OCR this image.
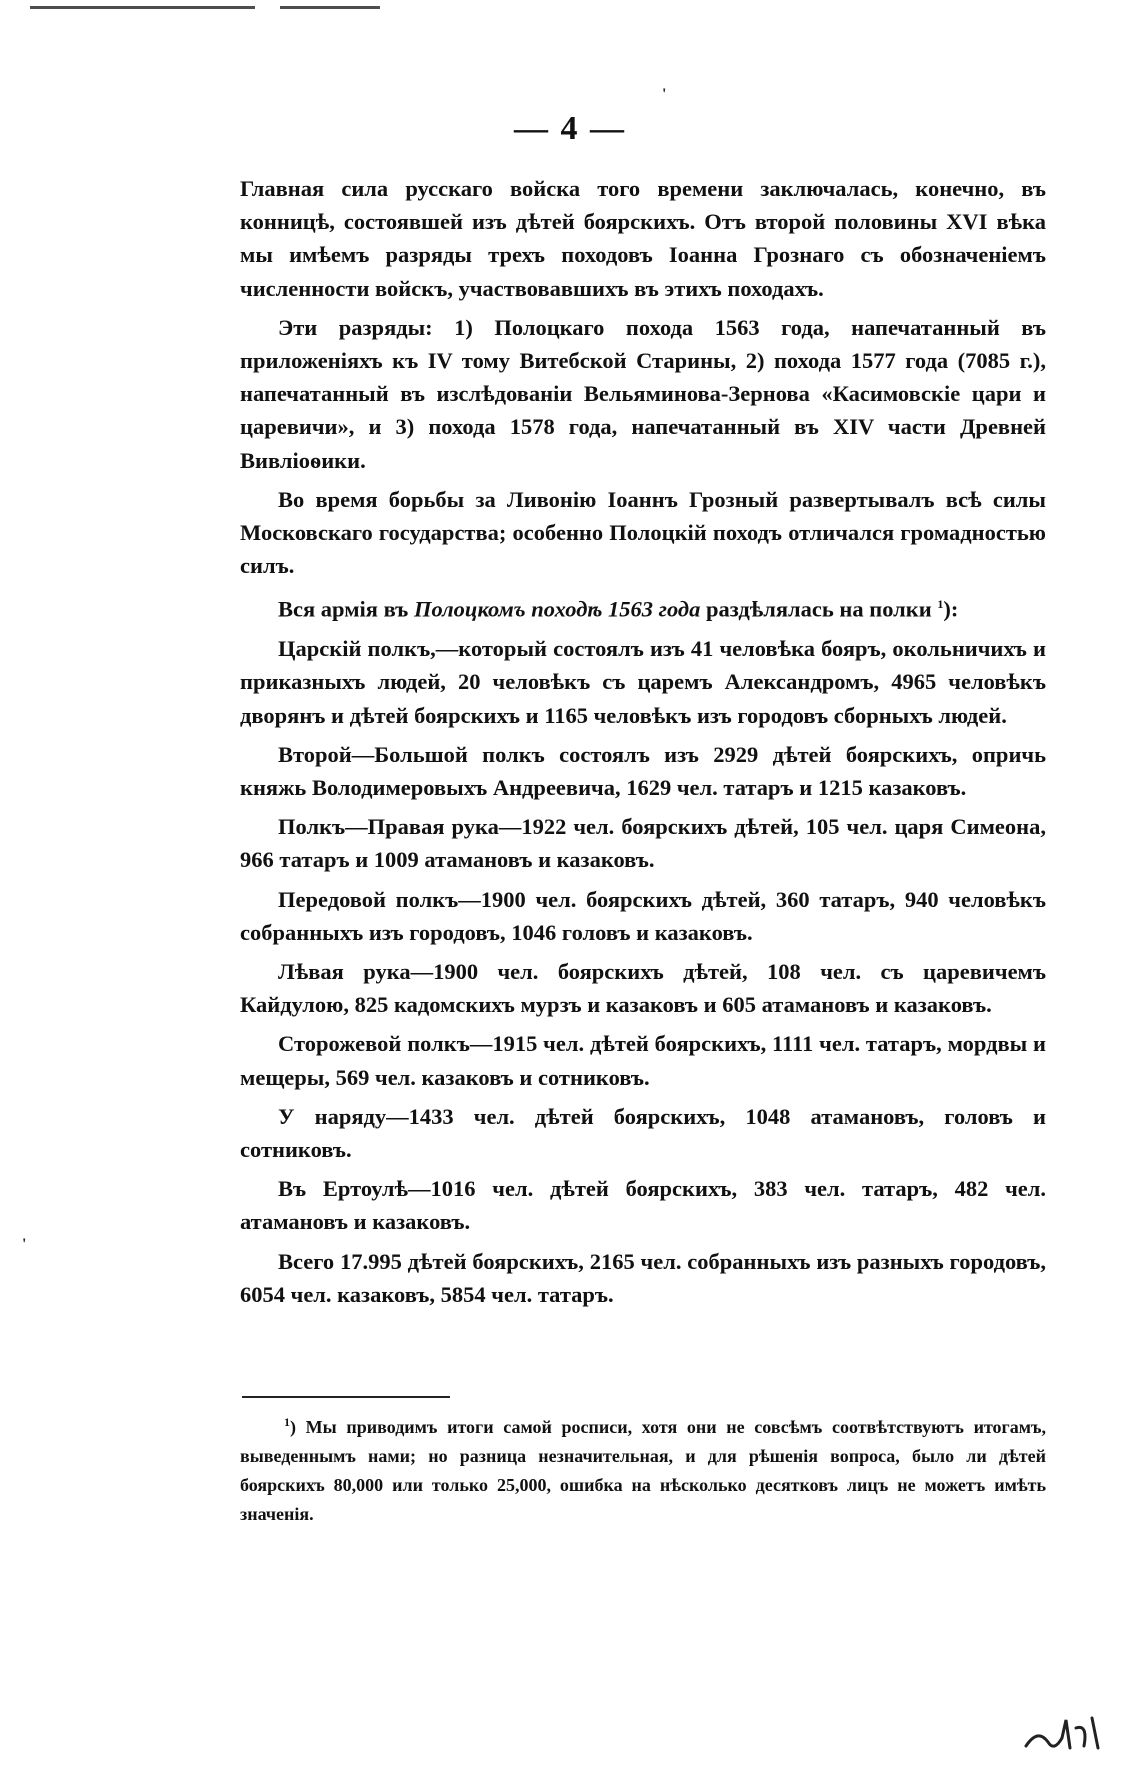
'
'
— 4 —

Главная сила русскаго войска того времени заключалась, конечно, въ конницѣ, состоявшей изъ дѣтей боярскихъ. Отъ второй половины XVI вѣка мы имѣемъ разряды трехъ походовъ Іоанна Грознаго съ обозначеніемъ численности войскъ, участвовавшихъ въ этихъ походахъ.

Эти разряды: 1) Полоцкаго похода 1563 года, напечатанный въ приложеніяхъ къ IV тому Витебской Старины, 2) похода 1577 года (7085 г.), напечатанный въ изслѣдованіи Вельяминова-Зернова «Касимовскіе цари и царевичи», и 3) похода 1578 года, напечатанный въ XIV части Древней Вивліоѳики.

Во время борьбы за Ливонію Іоаннъ Грозный развертывалъ всѣ силы Московскаго государства; особенно Полоцкій походъ отличался громадностью силъ.

Вся армія въ Полоцкомъ походѣ 1563 года раздѣлялась на полки $^1$):

Царскій полкъ,—который состоялъ изъ 41 человѣка бояръ, окольничихъ и приказныхъ людей, 20 человѣкъ съ царемъ Александромъ, 4965 человѣкъ дворянъ и дѣтей боярскихъ и 1165 человѣкъ изъ городовъ сборныхъ людей.

Второй—Большой полкъ состоялъ изъ 2929 дѣтей боярскихъ, опричь княжь Володимеровыхъ Андреевича, 1629 чел. татаръ и 1215 казаковъ.

Полкъ—Правая рука—1922 чел. боярскихъ дѣтей, 105 чел. царя Симеона, 966 татаръ и 1009 атамановъ и казаковъ.

Передовой полкъ—1900 чел. боярскихъ дѣтей, 360 татаръ, 940 человѣкъ собранныхъ изъ городовъ, 1046 головъ и казаковъ.

Лѣвая рука—1900 чел. боярскихъ дѣтей, 108 чел. съ царевичемъ Кайдулою, 825 кадомскихъ мурзъ и казаковъ и 605 атамановъ и казаковъ.

Сторожевой полкъ—1915 чел. дѣтей боярскихъ, 1111 чел. татаръ, мордвы и мещеры, 569 чел. казаковъ и сотниковъ.

У наряду—1433 чел. дѣтей боярскихъ, 1048 атамановъ, головъ и сотниковъ.

Въ Ертоулѣ—1016 чел. дѣтей боярскихъ, 383 чел. татаръ, 482 чел. атамановъ и казаковъ.

Всего 17.995 дѣтей боярскихъ, 2165 чел. собранныхъ изъ разныхъ городовъ, 6054 чел. казаковъ, 5854 чел. татаръ.

$^1$) Мы приводимъ итоги самой росписи, хотя они не совсѣмъ соотвѣтствуютъ итогамъ, выведеннымъ нами; но разница незначительная, и для рѣшенія вопроса, было ли дѣтей боярскихъ 80,000 или только 25,000, ошибка на нѣсколько десятковъ лицъ не можетъ имѣть значенія.
